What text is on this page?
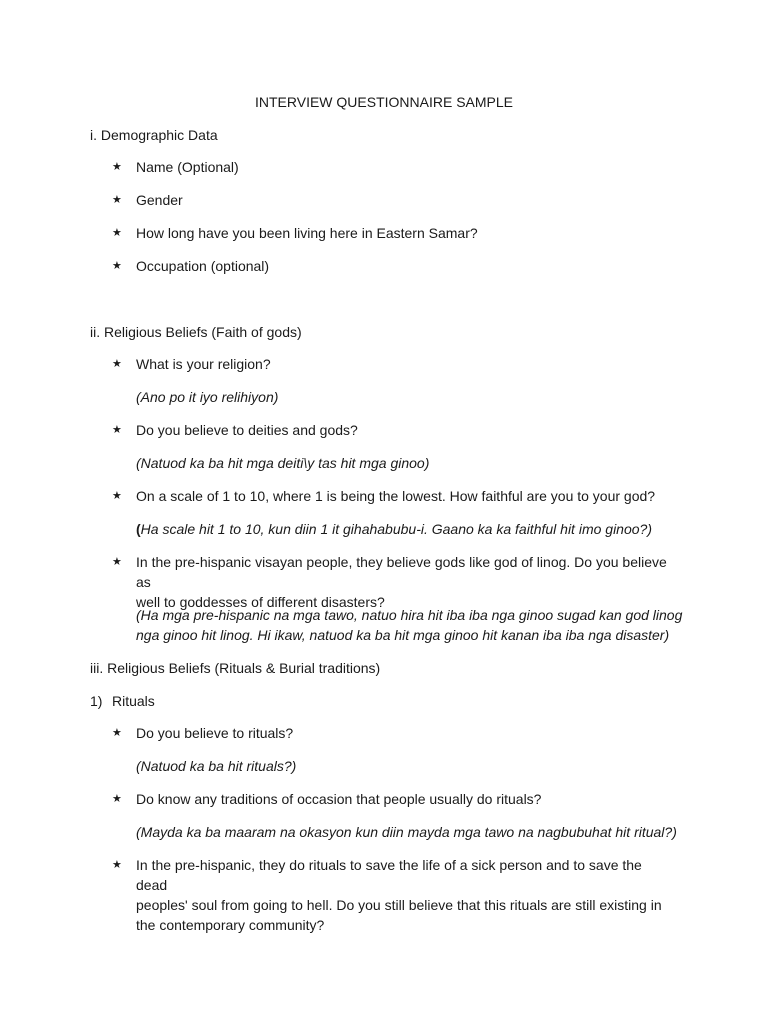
INTERVIEW QUESTIONNAIRE SAMPLE
i. Demographic Data
★ Name (Optional)
★ Gender
★ How long have you been living here in Eastern Samar?
★ Occupation (optional)
ii. Religious Beliefs (Faith of gods)
★ What is your religion?
(Ano po it iyo relihiyon)
★ Do you believe to deities and gods?
(Natuod ka ba hit mga deiti\y tas hit mga ginoo)
★ On a scale of 1 to 10, where 1 is being the lowest. How faithful are you to your god?
(Ha scale hit 1 to 10, kun diin 1 it gihahabubu-i. Gaano ka ka faithful hit imo ginoo?)
★ In the pre-hispanic visayan people, they believe gods like god of linog. Do you believe as
well to goddesses of different disasters?
(Ha mga pre-hispanic na mga tawo, natuo hira hit iba iba nga ginoo sugad kan god linog
nga ginoo hit linog. Hi ikaw, natuod ka ba hit mga ginoo hit kanan iba iba nga disaster)
iii. Religious Beliefs (Rituals & Burial traditions)
1) Rituals
★ Do you believe to rituals?
(Natuod ka ba hit rituals?)
★ Do know any traditions of occasion that people usually do rituals?
(Mayda ka ba maaram na okasyon kun diin mayda mga tawo na nagbubuhat hit ritual?)
★ In the pre-hispanic, they do rituals to save the life of a sick person and to save the dead
peoples' soul from going to hell. Do you still believe that this rituals are still existing in
the contemporary community?
